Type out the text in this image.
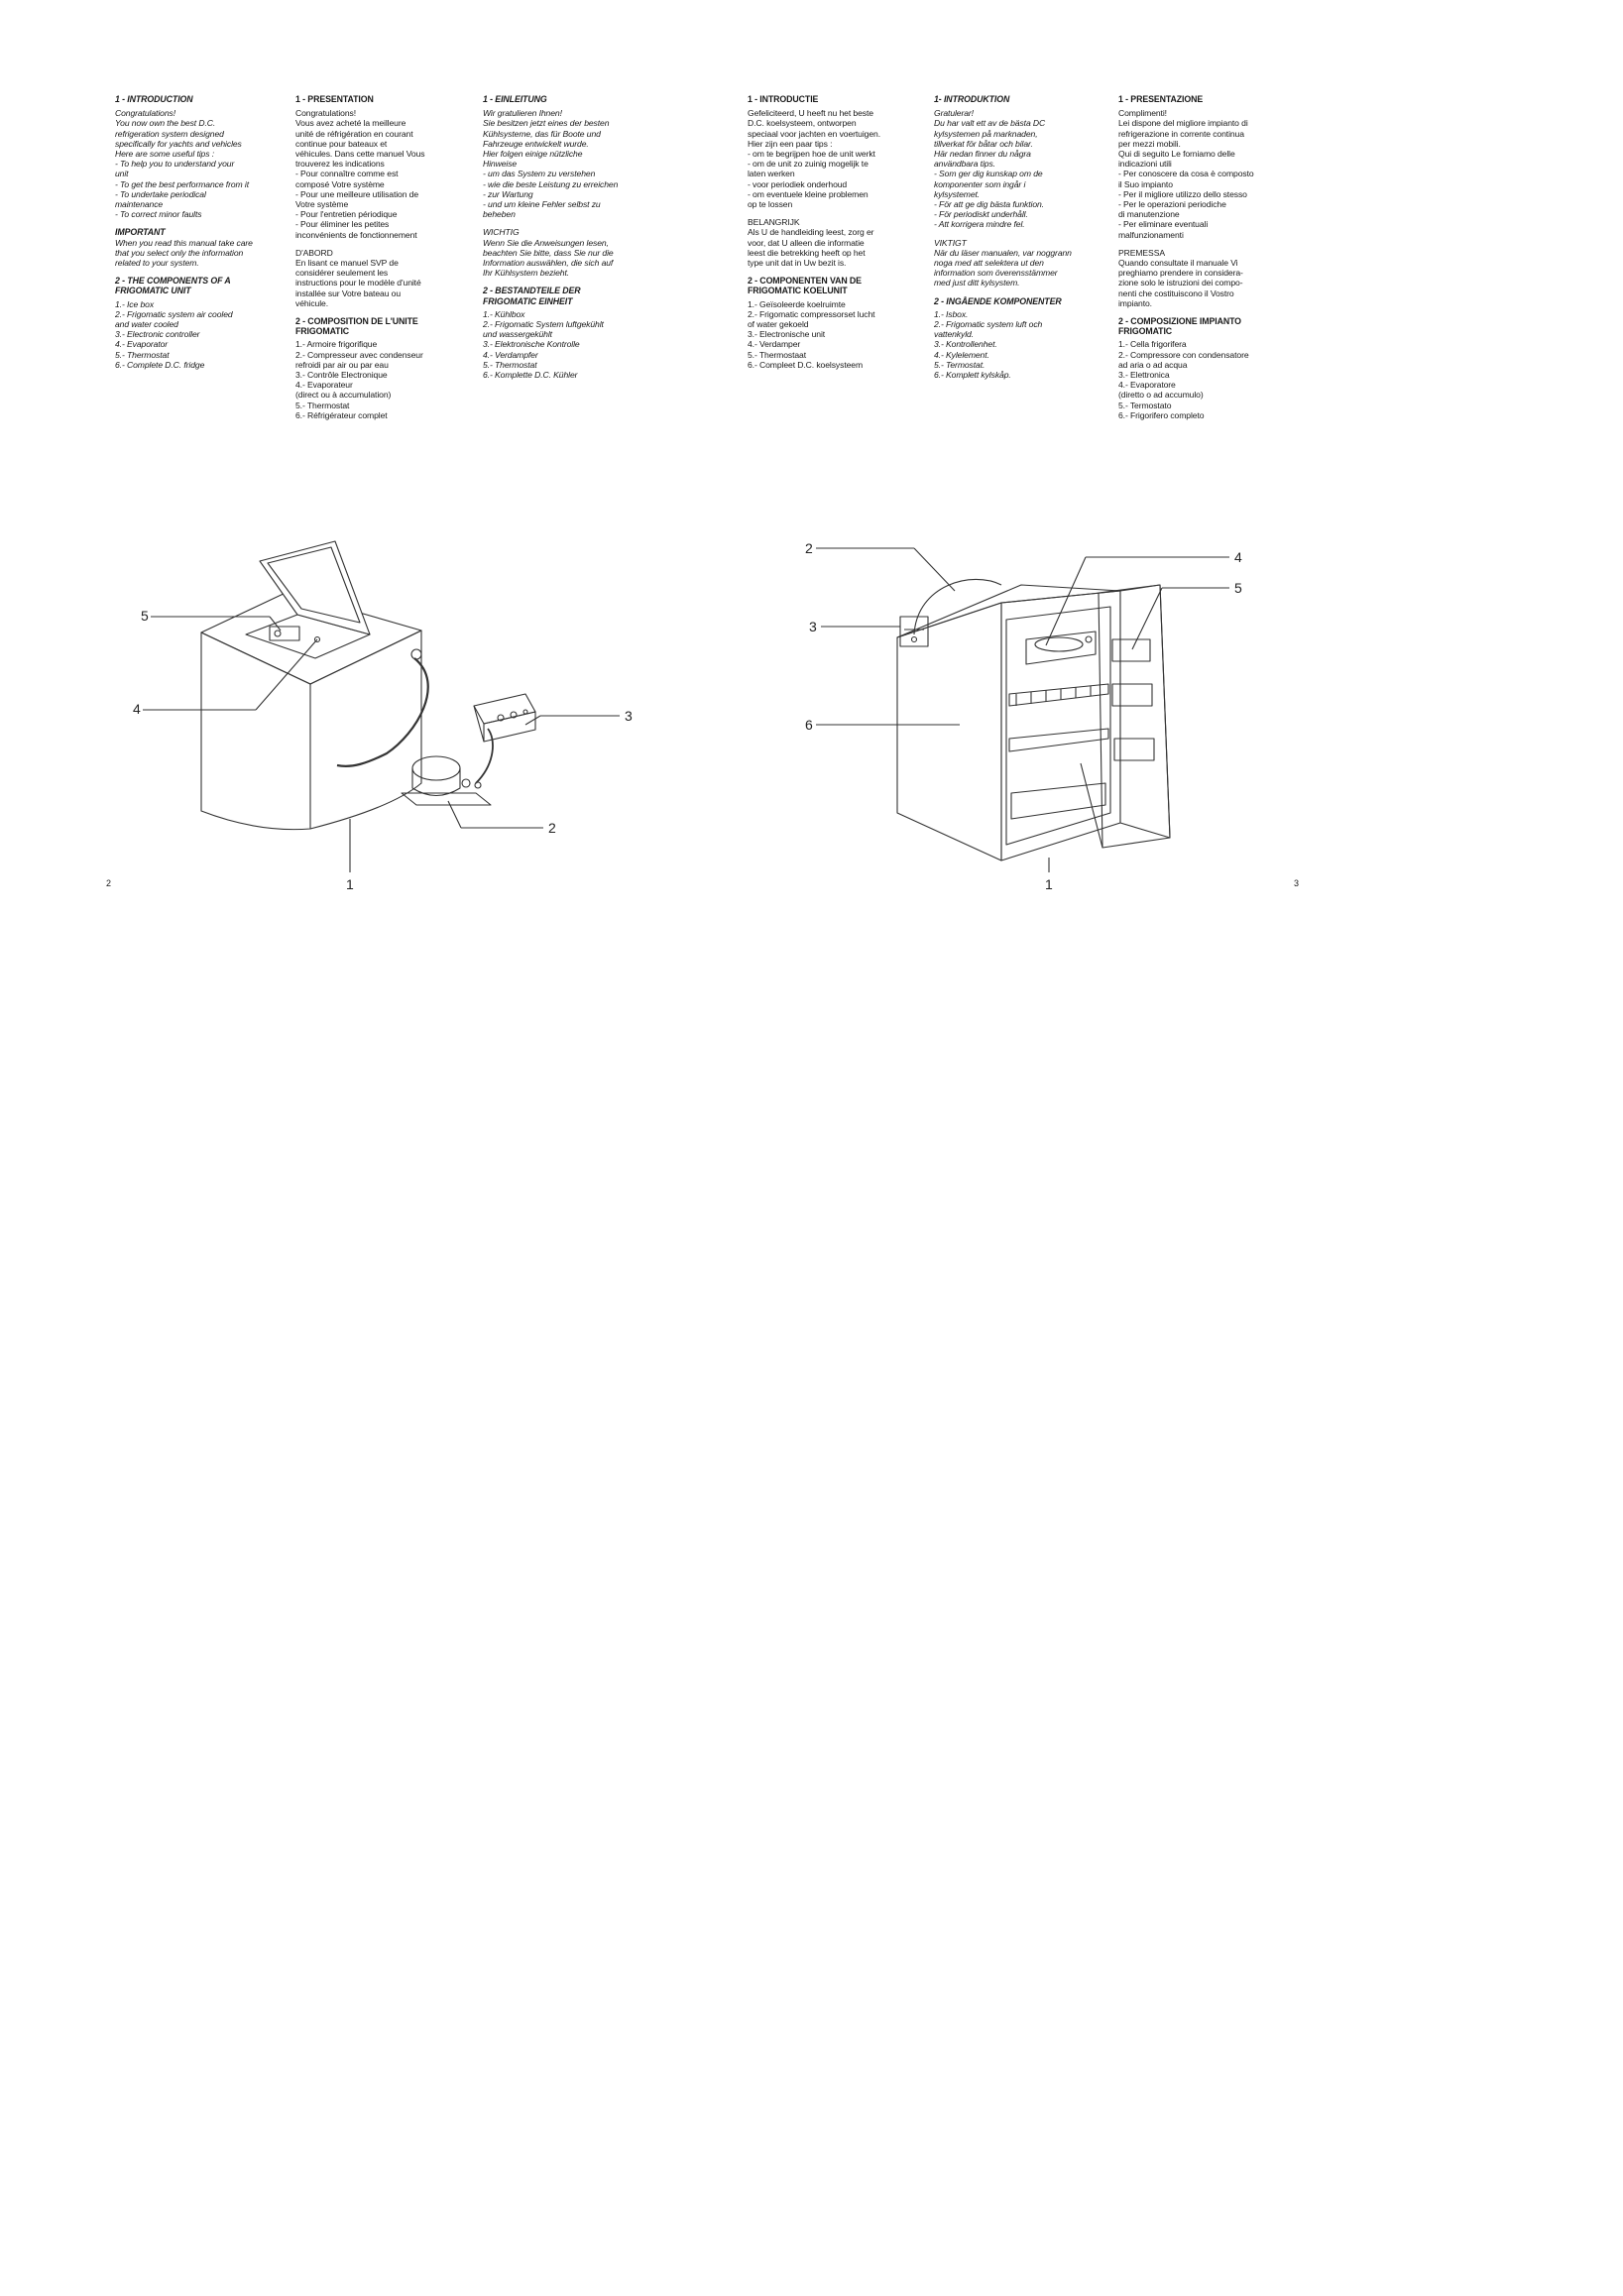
1 - INTRODUCTION
Congratulations!
You now own the best D.C.
refrigeration system designed
specifically for yachts and vehicles
Here are some useful tips :
- To help you to understand your
unit
- To get the best performance from it
- To undertake periodical
maintenance
- To correct minor faults
IMPORTANT
When you read this manual take care
that you select only the information
related to your system.
2 - THE COMPONENTS OF A
FRIGOMATIC UNIT
1.- Ice box
2.- Frigomatic system air cooled
and water cooled
3.- Electronic controller
4.- Evaporator
5.- Thermostat
6.- Complete D.C. fridge
1 - PRESENTATION
Congratulations!
Vous avez acheté la meilleure
unité de réfrigération en courant
continue pour bateaux et
véhicules. Dans cette manuel Vous
trouverez les indications
- Pour connaître comme est
composé Votre système
- Pour une meilleure utilisation de
Votre système
- Pour l'entretien périodique
- Pour éliminer les petites
inconvénients de fonctionnement
D'ABORD
En lisant ce manuel SVP de
considérer seulement les
instructions pour le modèle d'unité
installée sur Votre bateau ou
véhicule.
2 - COMPOSITION DE L'UNITE
FRIGOMATIC
1.- Armoire frigorifique
2.- Compresseur avec condenseur
refroidi par air ou par eau
3.- Contrôle Electronique
4.- Evaporateur
(direct ou à accumulation)
5.- Thermostat
6.- Réfrigérateur complet
1 - EINLEITUNG
Wir gratulieren Ihnen!
Sie besitzen jetzt eines der besten
Kühlsysteme, das für Boote und
Fahrzeuge entwickelt wurde.
Hier folgen einige nützliche
Hinweise
- um das System zu verstehen
- wie die beste Leistung zu erreichen
- zur Wartung
- und um kleine Fehler selbst zu
beheben
WICHTIG
Wenn Sie die Anweisungen lesen,
beachten Sie bitte, dass Sie nur die
Information auswählen, die sich auf
Ihr Kühlsystem bezieht.
2 - BESTANDTEILE DER
FRIGOMATIC EINHEIT
1.- Kühlbox
2.- Frigomatic System luftgekühlt
und wassergekühlt
3.- Elektronische Kontrolle
4.- Verdampfer
5.- Thermostat
6.- Komplette D.C. Kühler
1 - INTRODUCTIE
Gefeliciteerd, U heeft nu het beste
D.C. koelsysteem, ontworpen
speciaal voor jachten en voertuigen.
Hier zijn een paar tips :
- om te begrijpen hoe de unit werkt
- om de unit zo zuinig mogelijk te
laten werken
- voor periodiek onderhoud
- om eventuele kleine problemen
op te lossen
BELANGRIJK
Als U de handleiding leest, zorg er
voor, dat U alleen die informatie
leest die betrekking heeft op het
type unit dat in Uw bezit is.
2 - COMPONENTEN VAN DE
FRIGOMATIC KOELUNIT
1.- Geïsoleerde koelruimte
2.- Frigomatic compressorset lucht
of water gekoeld
3.- Electronische unit
4.- Verdamper
5.- Thermostaat
6.- Compleet D.C. koelsysteem
1- INTRODUKTION
Gratulerar!
Du har valt ett av de bästa DC
kylsystemen på marknaden,
tillverkat för båtar och bilar.
Här nedan finner du några
användbara tips.
- Som ger dig kunskap om de
komponenter som ingår i
kylsystemet.
- För att ge dig bästa funktion.
- För periodiskt underhåll.
- Att korrigera mindre fel.
VIKTIGT
När du läser manualen, var noggrann
noga med att selektera ut den
information som överensstämmer
med just ditt kylsystem.
2 - INGÅENDE KOMPONENTER
1.- Isbox.
2.- Frigomatic system luft och
vattenkyld.
3.- Kontrollenhet.
4.- Kylelement.
5.- Termostat.
6.- Komplett kylskåp.
1 - PRESENTAZIONE
Complimenti!
Lei dispone del migliore impianto di
refrigerazione in corrente continua
per mezzi mobili.
Qui di seguito Le forniamo delle
indicazioni utili
- Per conoscere da cosa è composto
il Suo impianto
- Per il migliore utilizzo dello stesso
- Per le operazioni periodiche
di manutenzione
- Per eliminare eventuali
malfunzionamenti
PREMESSA
Quando consultate il manuale Vi
preghiamo prendere in considera-
zione solo le istruzioni dei compo-
nenti che costituiscono il Vostro
impianto.
2 - COMPOSIZIONE IMPIANTO
FRIGOMATIC
1.- Cella frigorifera
2.- Compressore con condensatore
ad aria o ad acqua
3.- Elettronica
4.- Evaporatore
(diretto o ad accumulo)
5.- Termostato
6.- Frigorifero completo
5
4
1
3
2
2
3
6
4
5
1
2	3
